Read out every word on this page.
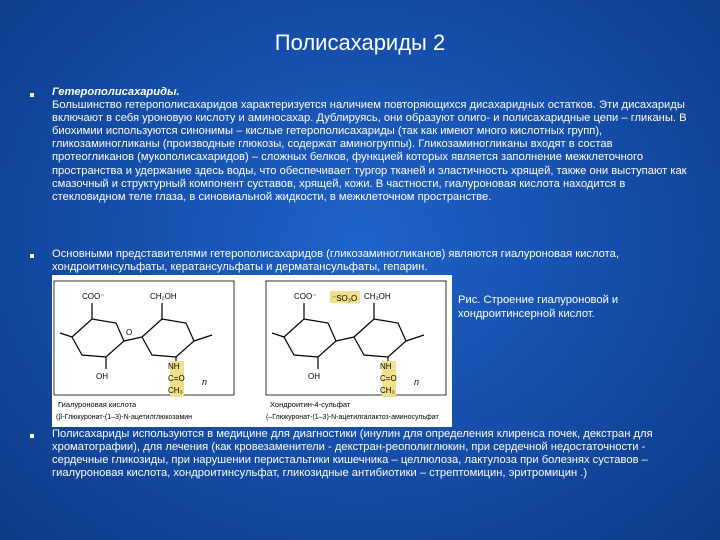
Полисахариды 2
Гетерополисахариды.
Большинство гетерополисахаридов характеризуется наличием повторяющихся дисахаридных остатков. Эти дисахариды включают в себя уроновую кислоту и аминосахар. Дублируясь, они образуют олиго- и полисахаридные цепи – гликаны. В биохимии используются синонимы – кислые гетерополисахариды (так как имеют много кислотных групп), гликозаминогликаны (производные глюкозы, содержат аминогруппы). Гликозаминогликаны входят в состав протеогликанов (мукополисахаридов) – сложных белков, функцией которых является заполнение межклеточного пространства и удержание здесь воды, что обеспечивает тургор тканей и эластичность хрящей, также они выступают как смазочный и структурный компонент суставов, хрящей, кожи. В частности, гиалуроновая кислота находится в стекловидном теле глаза, в синовиальной жидкости, в межклеточном пространстве.
Основными представителями гетерополисахаридов (гликозаминогликанов) являются гиалуроновая кислота, хондроитинсульфаты, кератансульфаты и дерматансульфаты, гепарин.
COO⁻	CH₂OH
O
OH
NH
C=O
CH₃
n
Гиалуроновая кислота
(β-Глюкуронат-(1–3)-N-ацетилглюкозамин
COO⁻ ⁻SO₃O CH₂OH
OH
NH
C=O
CH₃
n
Хондроитин-4-сульфат
(–Глюкуронат-(1–3)-N-ацетилгалактоз-аминосульфат
Рис. Строение гиалуроновой и хондроитинсерной кислот.
Полисахариды используются в медицине для диагностики (инулин для определения клиренса почек, декстран для хроматографии), для лечения (как кровезаменители - декстран-реополиглюкин, при сердечной недостаточности - сердечные гликозиды, при нарушении перистальтики кишечника – целлюлоза, лактулоза при болезнях суставов – гиалуроновая кислота, хондроитинсульфат, гликозидные антибиотики – стрептомицин, эритромицин .)
